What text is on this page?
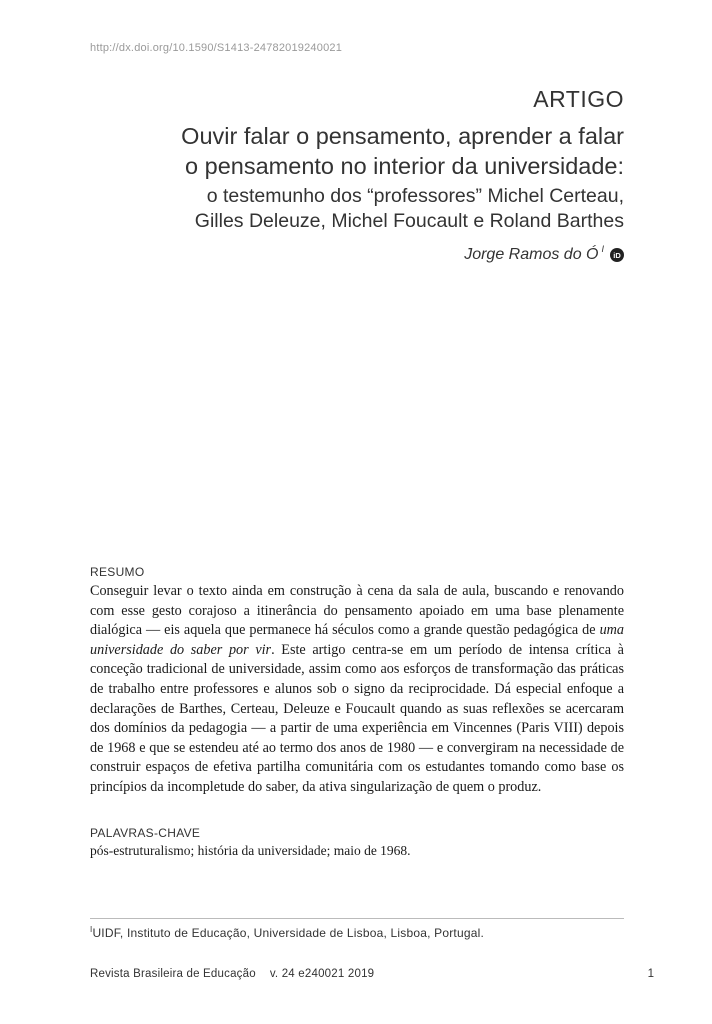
http://dx.doi.org/10.1590/S1413-24782019240021
ARTIGO
Ouvir falar o pensamento, aprender a falar
o pensamento no interior da universidade:
o testemunho dos “professores” Michel Certeau,
Gilles Deleuze, Michel Foucault e Roland Barthes
Jorge Ramos do Ó $^I$
iD
RESUMO
Conseguir levar o texto ainda em construção à cena da sala de aula, buscando e renovando com esse gesto corajoso a itinerância do pensamento apoiado em uma base plenamente dialógica — eis aquela que permanece há séculos como a grande questão pedagógica de uma universidade do saber por vir. Este artigo centra-se em um período de intensa crítica à conceção tradicional de universidade, assim como aos esforços de transformação das práticas de trabalho entre professores e alunos sob o signo da reciprocidade. Dá especial enfoque a declarações de Barthes, Certeau, Deleuze e Foucault quando as suas reflexões se acercaram dos domínios da pedagogia — a partir de uma experiência em Vincennes (Paris VIII) depois de 1968 e que se estendeu até ao termo dos anos de 1980 — e convergiram na necessidade de construir espaços de efetiva partilha comunitária com os estudantes tomando como base os princípios da incompletude do saber, da ativa singularização de quem o produz.
PALAVRAS-CHAVE
pós-estruturalismo; história da universidade; maio de 1968.
$^I$UIDF, Instituto de Educação, Universidade de Lisboa, Lisboa, Portugal.
Revista Brasileira de Educação v. 24 e240021 2019	1
